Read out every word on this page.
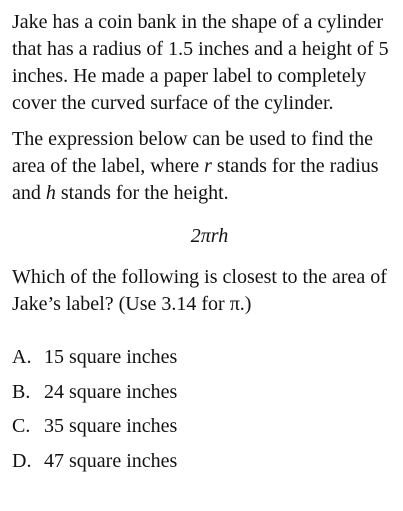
Jake has a coin bank in the shape of a cylinder that has a radius of 1.5 inches and a height of 5 inches. He made a paper label to completely cover the curved surface of the cylinder.

The expression below can be used to find the area of the label, where r stands for the radius and h stands for the height.

2πrh

Which of the following is closest to the area of Jake’s label? (Use 3.14 for π.)

A. 15 square inches
B. 24 square inches
C. 35 square inches
D. 47 square inches
